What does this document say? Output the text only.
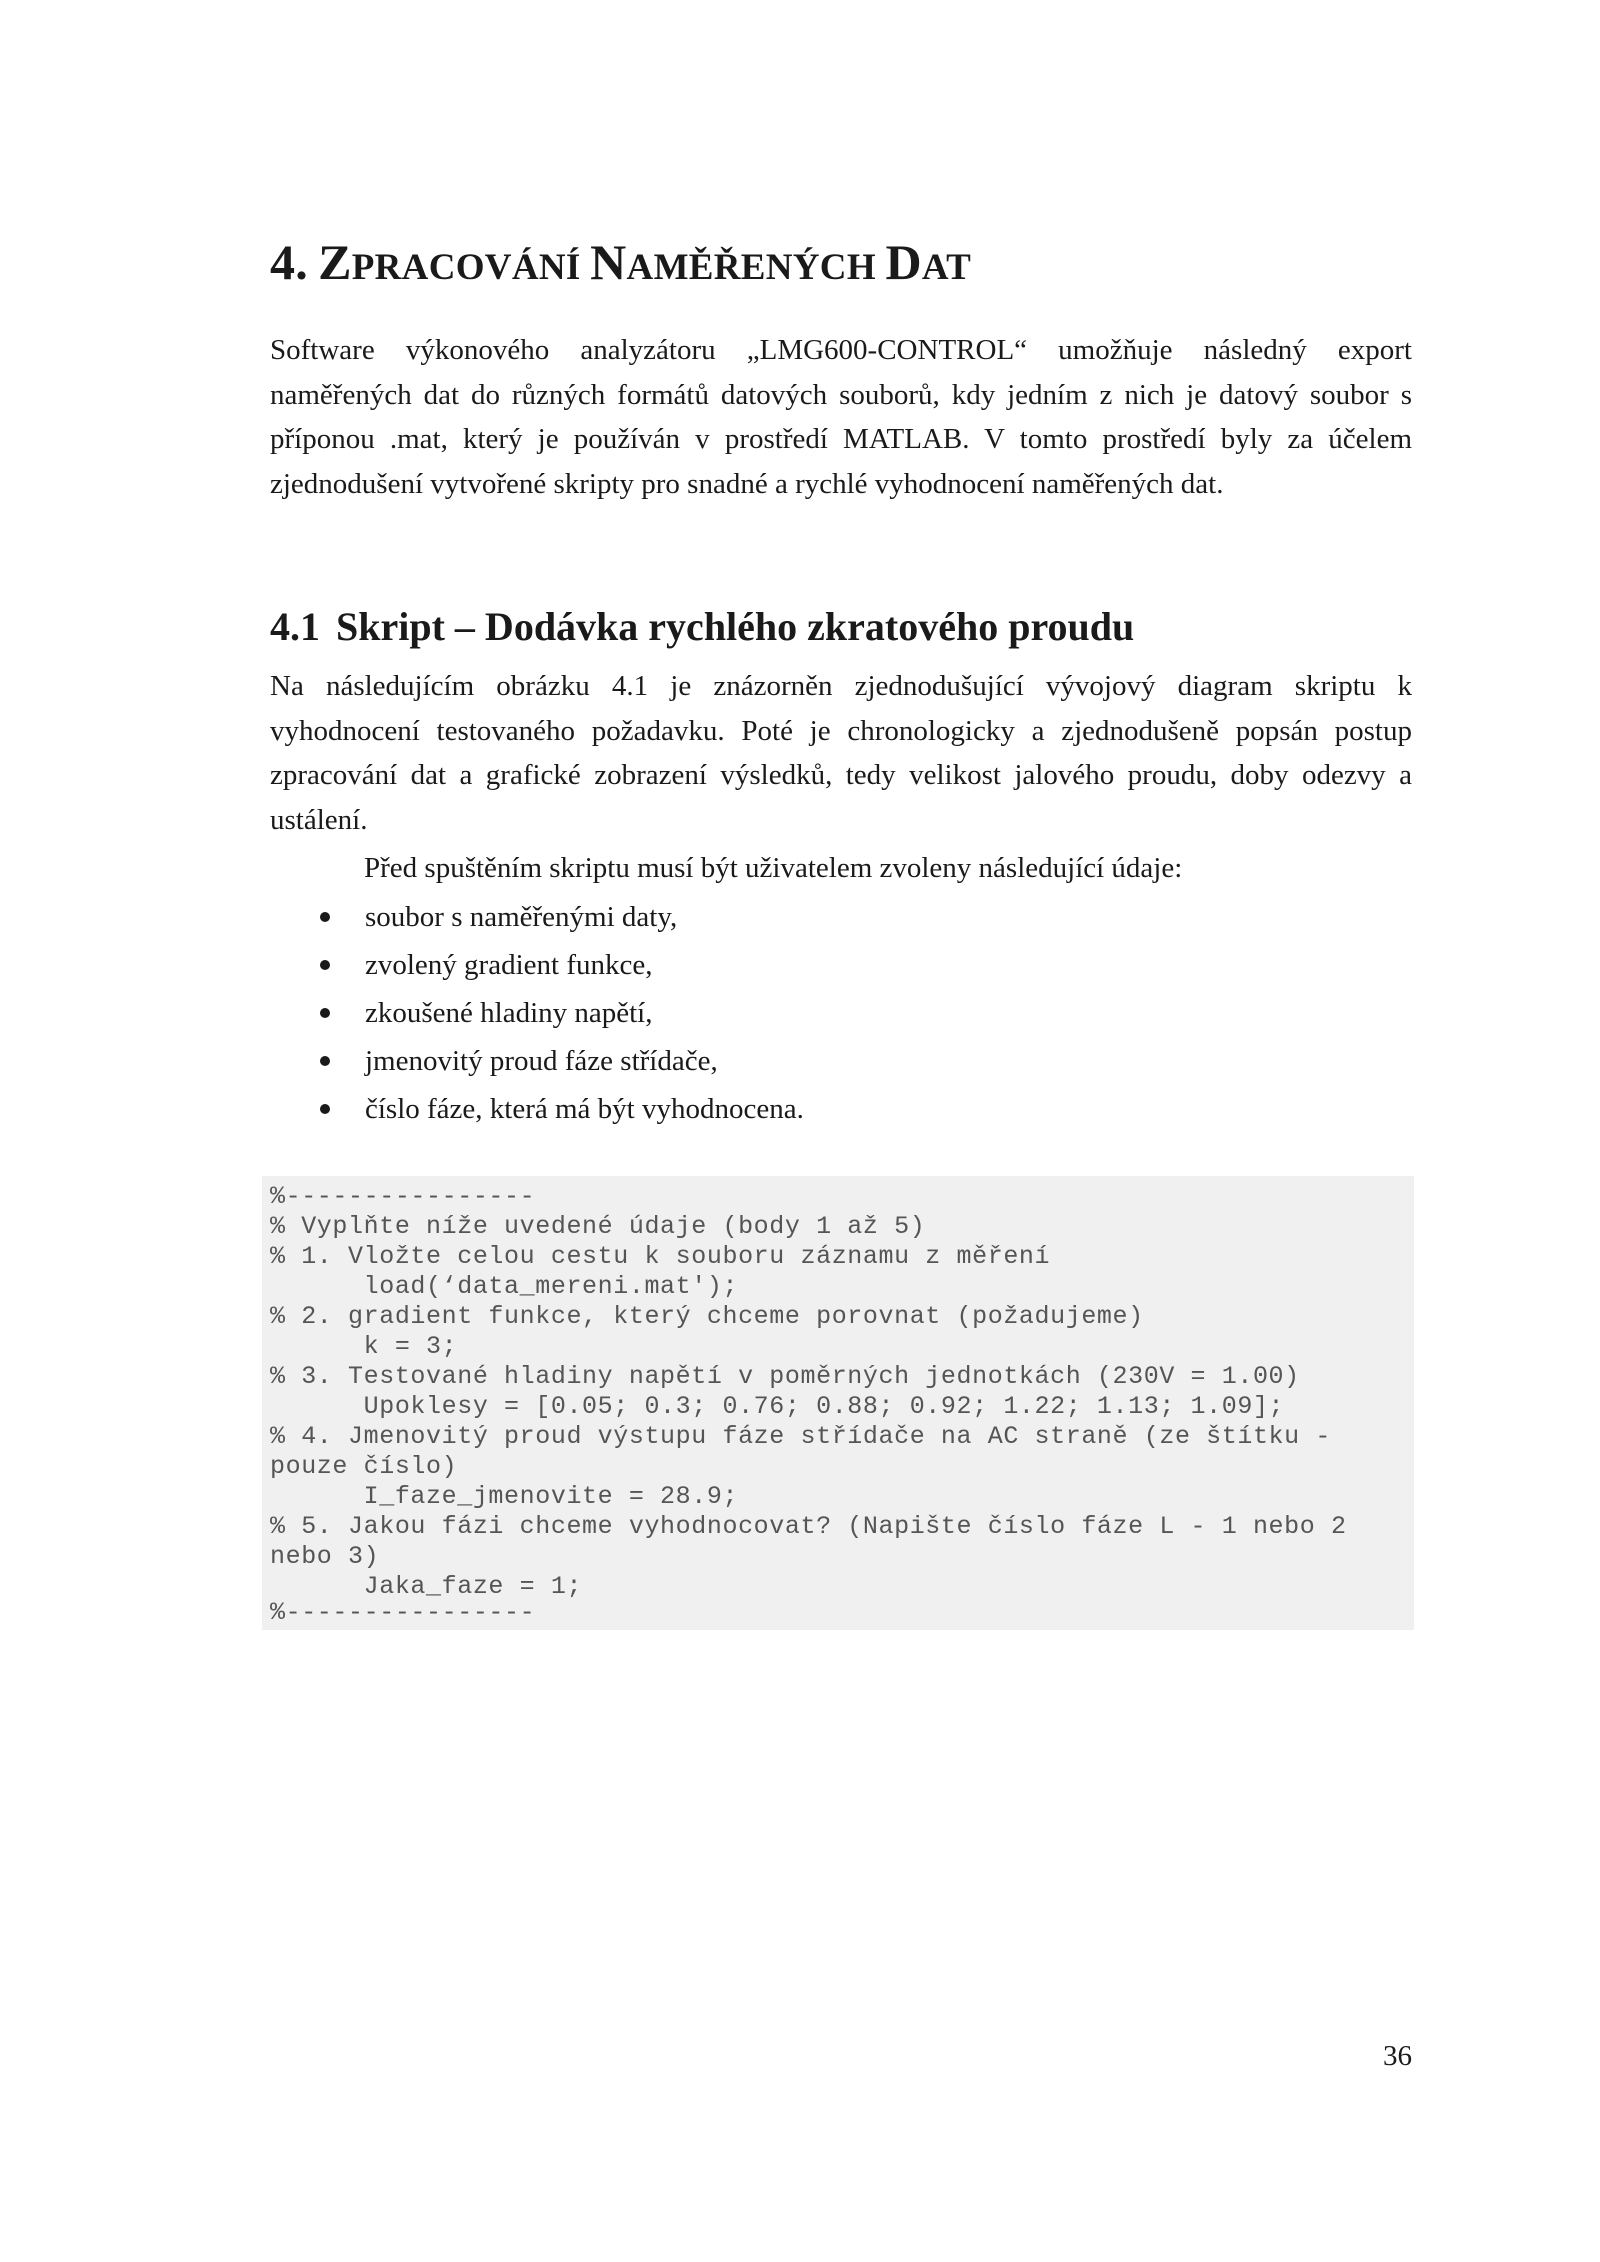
4. ZPRACOVÁNÍ NAMĚŘENÝCH DAT

Software výkonového analyzátoru „LMG600-CONTROL“ umožňuje následný export naměřených dat do různých formátů datových souborů, kdy jedním z nich je datový soubor s příponou .mat, který je používán v prostředí MATLAB. V tomto prostředí byly za účelem zjednodušení vytvořené skripty pro snadné a rychlé vyhodnocení naměřených dat.

4.1 Skript – Dodávka rychlého zkratového proudu

Na následujícím obrázku 4.1 je znázorněn zjednodušující vývojový diagram skriptu k vyhodnocení testovaného požadavku. Poté je chronologicky a zjednodušeně popsán postup zpracování dat a grafické zobrazení výsledků, tedy velikost jalového proudu, doby odezvy a ustálení.

Před spuštěním skriptu musí být uživatelem zvoleny následující údaje:

soubor s naměřenými daty,
zvolený gradient funkce,
zkoušené hladiny napětí,
jmenovitý proud fáze střídače,
číslo fáze, která má být vyhodnocena.
%----------------
% Vyplňte níže uvedené údaje (body 1 až 5)
% 1. Vložte celou cestu k souboru záznamu z měření
load(‘data_mereni.mat');
% 2. gradient funkce, který chceme porovnat (požadujeme)
k = 3;
% 3. Testované hladiny napětí v poměrných jednotkách (230V = 1.00)
Upoklesy = [0.05; 0.3; 0.76; 0.88; 0.92; 1.22; 1.13; 1.09];
% 4. Jmenovitý proud výstupu fáze střídače na AC straně (ze štítku -
pouze číslo)
I_faze_jmenovite = 28.9;
% 5. Jakou fázi chceme vyhodnocovat? (Napište číslo fáze L - 1 nebo 2
nebo 3)
Jaka_faze = 1;
%----------------

36
